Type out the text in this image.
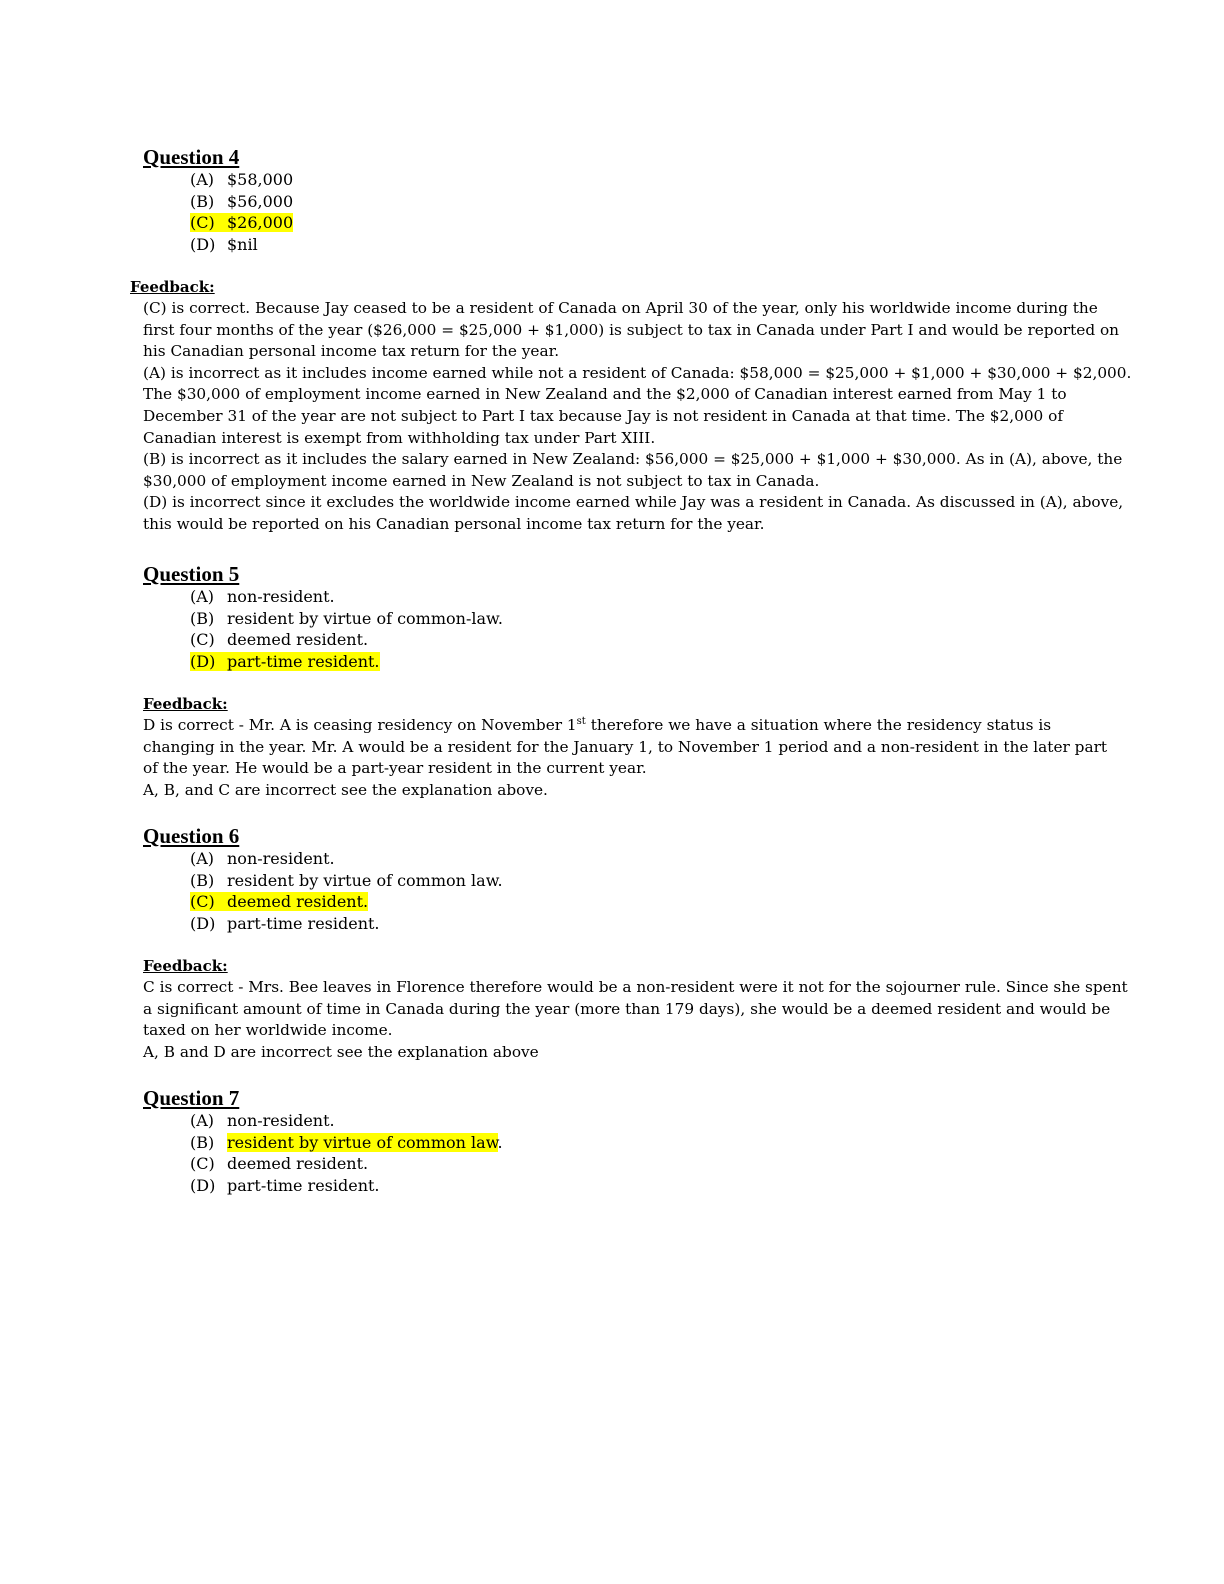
Question 4
(A) $58,000
(B) $56,000
(C) $26,000
(D) $nil
Feedback:

(C) is correct. Because Jay ceased to be a resident of Canada on April 30 of the year, only his worldwide income during the first four months of the year ($26,000 = $25,000 + $1,000) is subject to tax in Canada under Part I and would be reported on his Canadian personal income tax return for the year.

(A) is incorrect as it includes income earned while not a resident of Canada: $58,000 = $25,000 + $1,000 + $30,000 + $2,000. The $30,000 of employment income earned in New Zealand and the $2,000 of Canadian interest earned from May 1 to December 31 of the year are not subject to Part I tax because Jay is not resident in Canada at that time. The $2,000 of Canadian interest is exempt from withholding tax under Part XIII.

(B) is incorrect as it includes the salary earned in New Zealand: $56,000 = $25,000 + $1,000 + $30,000. As in (A), above, the $30,000 of employment income earned in New Zealand is not subject to tax in Canada.

(D) is incorrect since it excludes the worldwide income earned while Jay was a resident in Canada. As discussed in (A), above, this would be reported on his Canadian personal income tax return for the year.

Question 5
(A) non-resident.
(B) resident by virtue of common-law.
(C) deemed resident.
(D) part-time resident.
Feedback:

D is correct - Mr. A is ceasing residency on November 1st therefore we have a situation where the residency status is changing in the year. Mr. A would be a resident for the January 1, to November 1 period and a non-resident in the later part of the year. He would be a part-year resident in the current year.

A, B, and C are incorrect see the explanation above.

Question 6
(A) non-resident.
(B) resident by virtue of common law.
(C) deemed resident.
(D) part-time resident.
Feedback:

C is correct - Mrs. Bee leaves in Florence therefore would be a non-resident were it not for the sojourner rule. Since she spent a significant amount of time in Canada during the year (more than 179 days), she would be a deemed resident and would be taxed on her worldwide income.

A, B and D are incorrect see the explanation above

Question 7
(A) non-resident.
(B) resident by virtue of common law.
(C) deemed resident.
(D) part-time resident.
